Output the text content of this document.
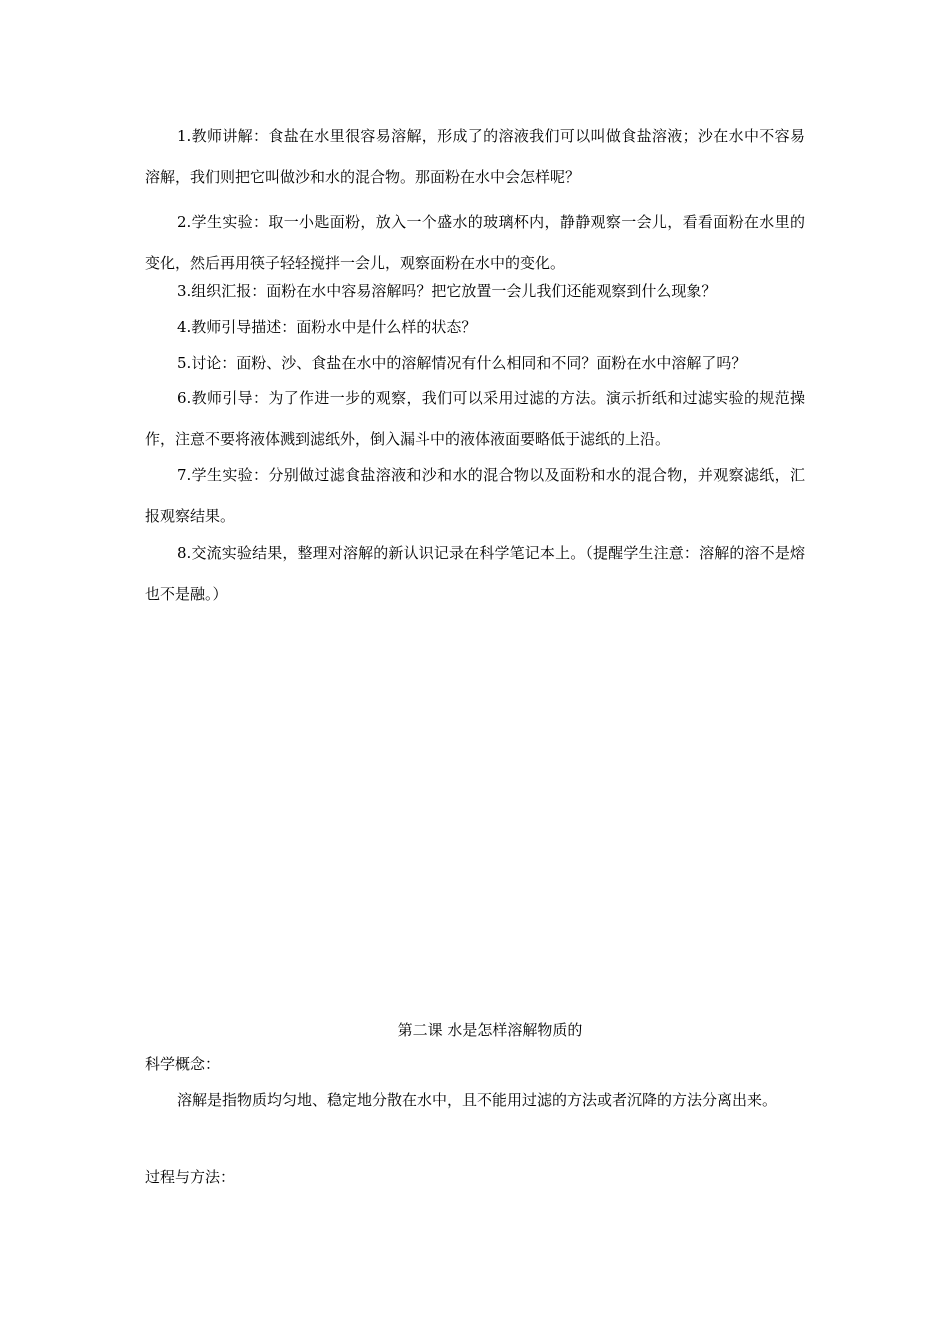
1.教师讲解：食盐在水里很容易溶解，形成了的溶液我们可以叫做食盐溶液；沙在水中不容易溶解，我们则把它叫做沙和水的混合物。那面粉在水中会怎样呢？

2.学生实验：取一小匙面粉，放入一个盛水的玻璃杯内，静静观察一会儿，看看面粉在水里的变化，然后再用筷子轻轻搅拌一会儿，观察面粉在水中的变化。

3.组织汇报：面粉在水中容易溶解吗？把它放置一会儿我们还能观察到什么现象？

4.教师引导描述：面粉水中是什么样的状态？

5.讨论：面粉、沙、食盐在水中的溶解情况有什么相同和不同？面粉在水中溶解了吗？

6.教师引导：为了作进一步的观察，我们可以采用过滤的方法。演示折纸和过滤实验的规范操作，注意不要将液体溅到滤纸外，倒入漏斗中的液体液面要略低于滤纸的上沿。

7.学生实验：分别做过滤食盐溶液和沙和水的混合物以及面粉和水的混合物，并观察滤纸，汇报观察结果。

8.交流实验结果，整理对溶解的新认识记录在科学笔记本上。（提醒学生注意：溶解的溶不是熔也不是融。）

第二课 水是怎样溶解物质的

科学概念：

溶解是指物质均匀地、稳定地分散在水中，且不能用过滤的方法或者沉降的方法分离出来。

过程与方法：
